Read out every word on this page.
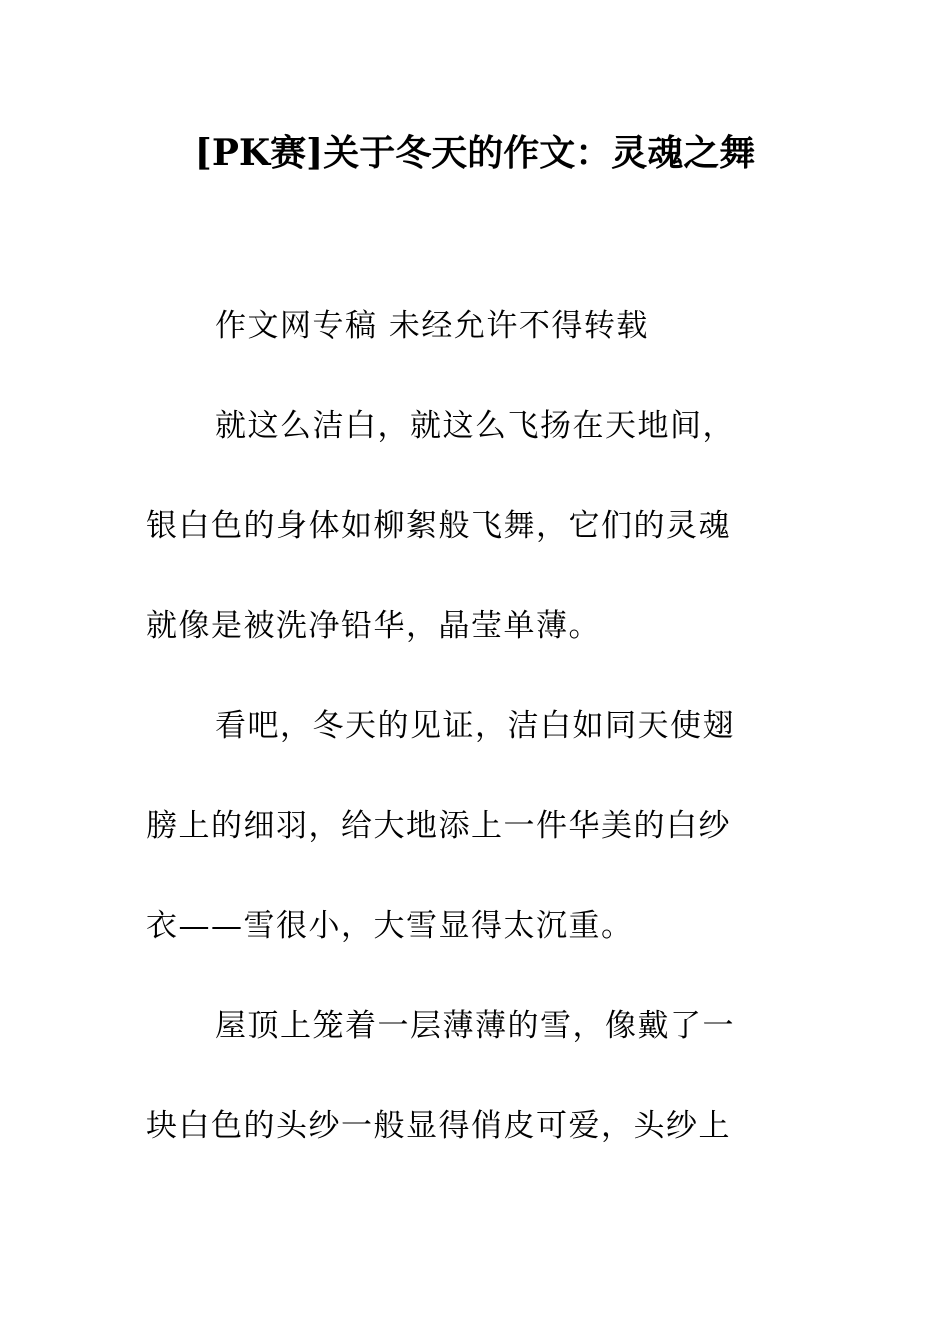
[PK赛]关于冬天的作文：灵魂之舞
作文网专稿 未经允许不得转载
就这么洁白，就这么飞扬在天地间，
银白色的身体如柳絮般飞舞，它们的灵魂
就像是被洗净铅华，晶莹单薄。
看吧，冬天的见证，洁白如同天使翅
膀上的细羽，给大地添上一件华美的白纱
衣——雪很小，大雪显得太沉重。
屋顶上笼着一层薄薄的雪，像戴了一
块白色的头纱一般显得俏皮可爱，头纱上
